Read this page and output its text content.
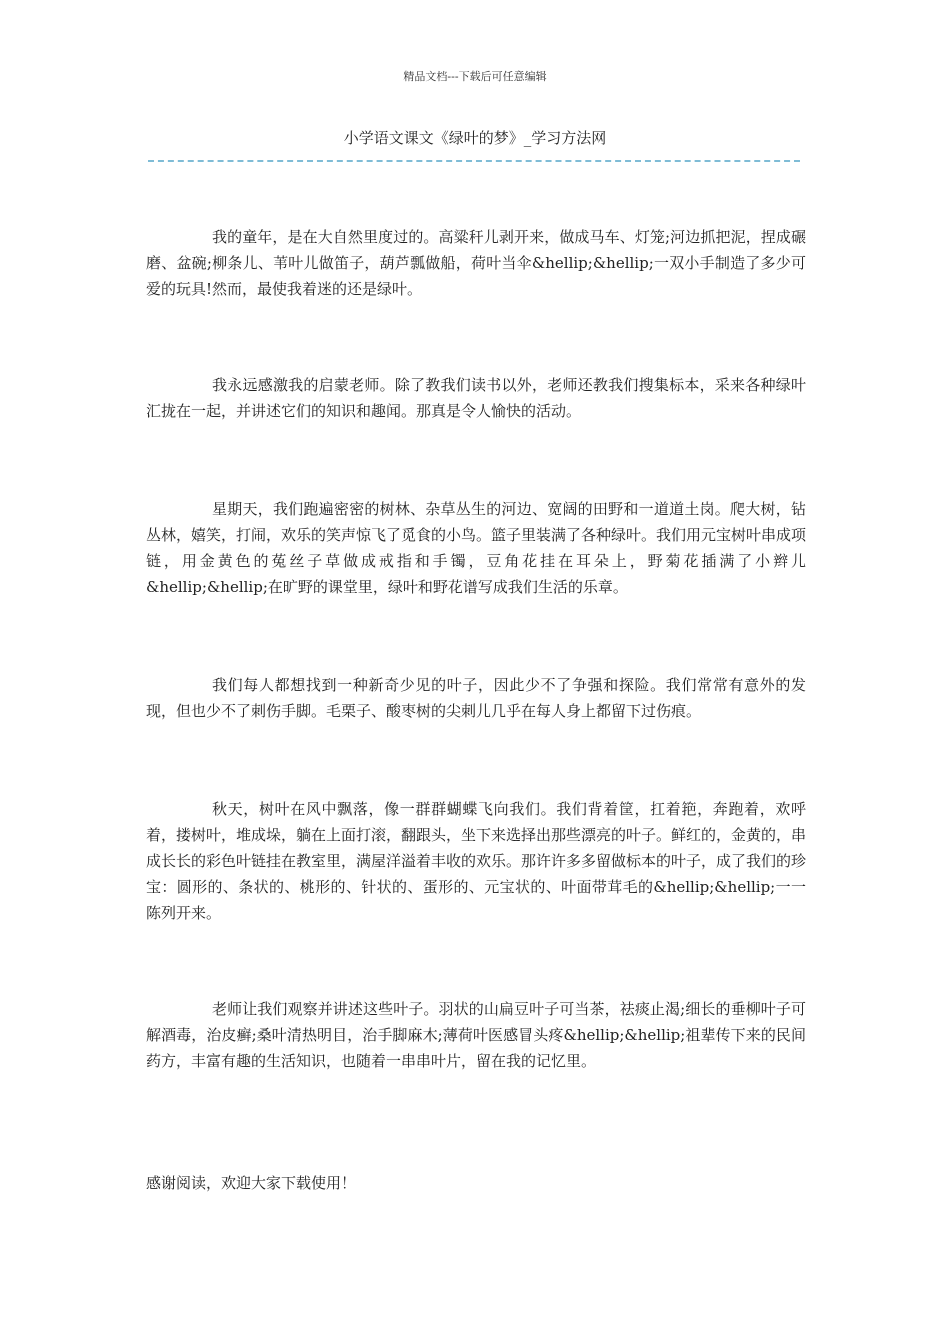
精品文档---下载后可任意编辑
小学语文课文《绿叶的梦》_学习方法网

我的童年，是在大自然里度过的。高粱秆儿剥开来，做成马车、灯笼;河边抓把泥，捏成碾磨、盆碗;柳条儿、苇叶儿做笛子，葫芦瓢做船，荷叶当伞&hellip;&hellip;一双小手制造了多少可爱的玩具!然而，最使我着迷的还是绿叶。

我永远感激我的启蒙老师。除了教我们读书以外，老师还教我们搜集标本，采来各种绿叶汇拢在一起，并讲述它们的知识和趣闻。那真是令人愉快的活动。

星期天，我们跑遍密密的树林、杂草丛生的河边、宽阔的田野和一道道土岗。爬大树，钻丛林，嬉笑，打闹，欢乐的笑声惊飞了觅食的小鸟。篮子里装满了各种绿叶。我们用元宝树叶串成项链，用金黄色的菟丝子草做成戒指和手镯，豆角花挂在耳朵上，野菊花插满了小辫儿&hellip;&hellip;在旷野的课堂里，绿叶和野花谱写成我们生活的乐章。

我们每人都想找到一种新奇少见的叶子，因此少不了争强和探险。我们常常有意外的发现，但也少不了刺伤手脚。毛栗子、酸枣树的尖刺儿几乎在每人身上都留下过伤痕。

秋天，树叶在风中飘落，像一群群蝴蝶飞向我们。我们背着筐，扛着筢，奔跑着，欢呼着，搂树叶，堆成垛，躺在上面打滚，翻跟头，坐下来选择出那些漂亮的叶子。鲜红的，金黄的，串成长长的彩色叶链挂在教室里，满屋洋溢着丰收的欢乐。那许许多多留做标本的叶子，成了我们的珍宝：圆形的、条状的、桃形的、针状的、蛋形的、元宝状的、叶面带茸毛的&hellip;&hellip;一一陈列开来。

老师让我们观察并讲述这些叶子。羽状的山扁豆叶子可当茶，祛痰止渴;细长的垂柳叶子可解酒毒，治皮癣;桑叶清热明目，治手脚麻木;薄荷叶医感冒头疼&hellip;&hellip;祖辈传下来的民间药方，丰富有趣的生活知识，也随着一串串叶片，留在我的记忆里。

感谢阅读，欢迎大家下载使用！
